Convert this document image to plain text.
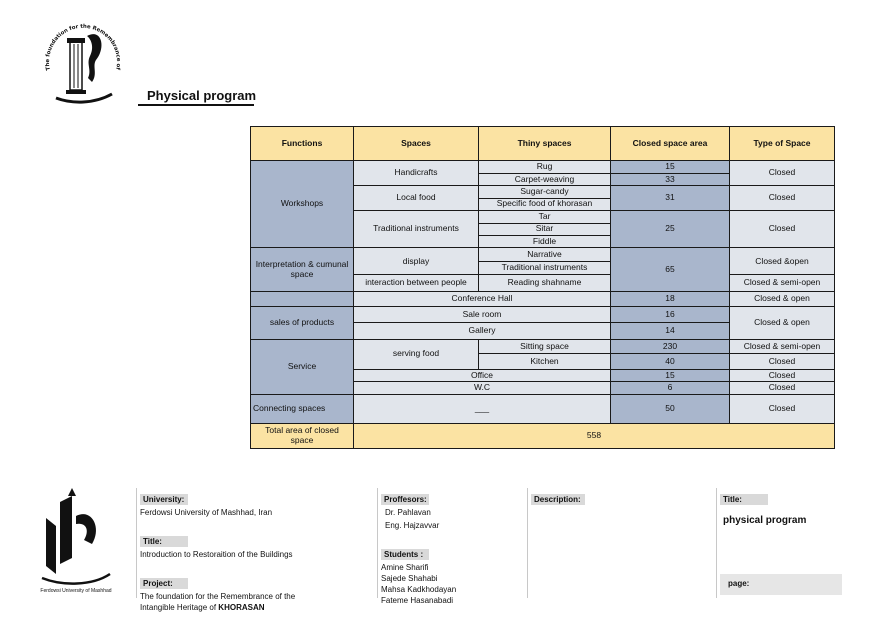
The foundation for the Remembrance of
Physical program
Functions	Spaces	Thiny spaces	Closed space area	Type of Space
Workshops	Handicrafts	Rug	15	Closed
		Carpet-weaving	33	
	Local food	Sugar-candy	31	Closed
		Specific food of khorasan		
	Traditional instruments	Tar	25	Closed
		Sitar		
		Fiddle		
Interpretation & cumunal space	display	Narrative	65	Closed &open
		Traditional instruments		
	interaction between people	Reading shahname		Closed & semi-open
	Conference Hall		18	Closed & open
sales of products	Sale room		16	Closed & open
	Gallery		14	
Service	serving food	Sitting space	230	Closed & semi-open
		Kitchen	40	Closed
	Office		15	Closed
	W.C		6	Closed
Connecting spaces	___		50	Closed
Total area of closed space	558			
Ferdowsi University of Mashhad
University:
Ferdowsi University of Mashhad, Iran
Title:
Introduction to Restoraition of the Buildings
Project:
The foundation for the Remembrance of the
Intangible Heritage of KHORASAN
Proffesors:
Dr. Pahlavan
Eng. Hajzavvar
Students :
Amine Sharifi
Sajede Shahabi
Mahsa Kadkhodayan
Fateme Hasanabadi
Description:	Title:
physical program
page:
